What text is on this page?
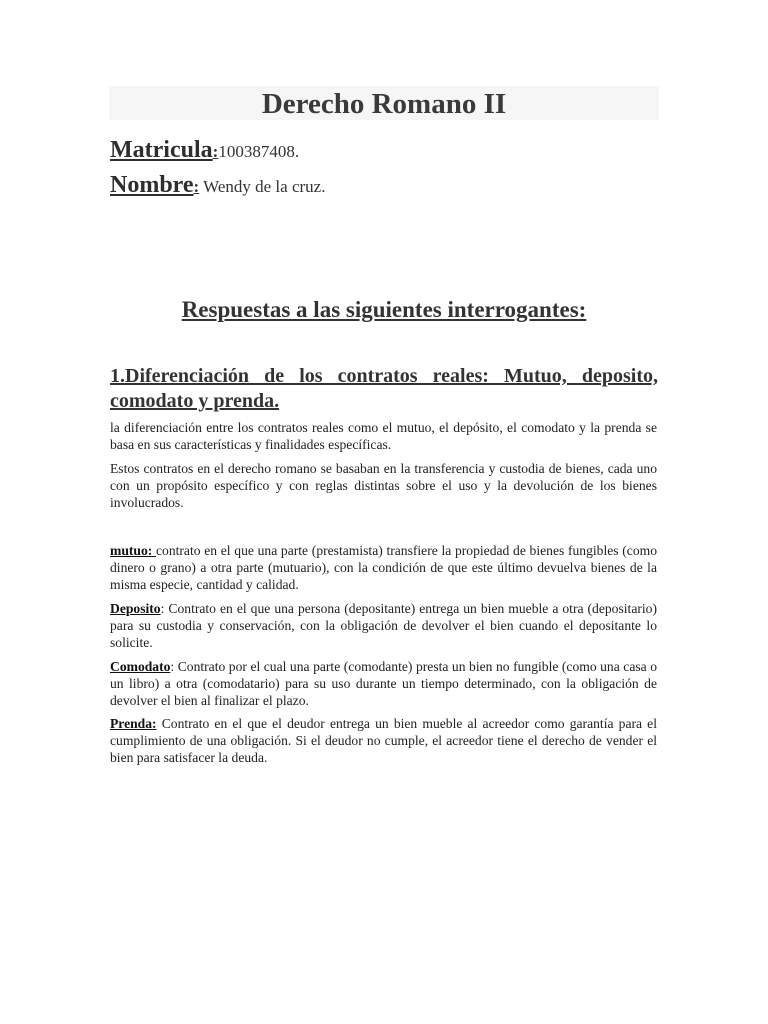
Derecho Romano II
Matricula:100387408.
Nombre: Wendy de la cruz.
Respuestas a las siguientes interrogantes:
1.Diferenciación de los contratos reales: Mutuo, deposito, comodato y prenda.

la diferenciación entre los contratos reales como el mutuo, el depósito, el comodato y la prenda se basa en sus características y finalidades específicas.

Estos contratos en el derecho romano se basaban en la transferencia y custodia de bienes, cada uno con un propósito específico y con reglas distintas sobre el uso y la devolución de los bienes involucrados.

mutuo: contrato en el que una parte (prestamista) transfiere la propiedad de bienes fungibles (como dinero o grano) a otra parte (mutuario), con la condición de que este último devuelva bienes de la misma especie, cantidad y calidad.

Deposito: Contrato en el que una persona (depositante) entrega un bien mueble a otra (depositario) para su custodia y conservación, con la obligación de devolver el bien cuando el depositante lo solicite.

Comodato: Contrato por el cual una parte (comodante) presta un bien no fungible (como una casa o un libro) a otra (comodatario) para su uso durante un tiempo determinado, con la obligación de devolver el bien al finalizar el plazo.

Prenda: Contrato en el que el deudor entrega un bien mueble al acreedor como garantía para el cumplimiento de una obligación. Si el deudor no cumple, el acreedor tiene el derecho de vender el bien para satisfacer la deuda.
